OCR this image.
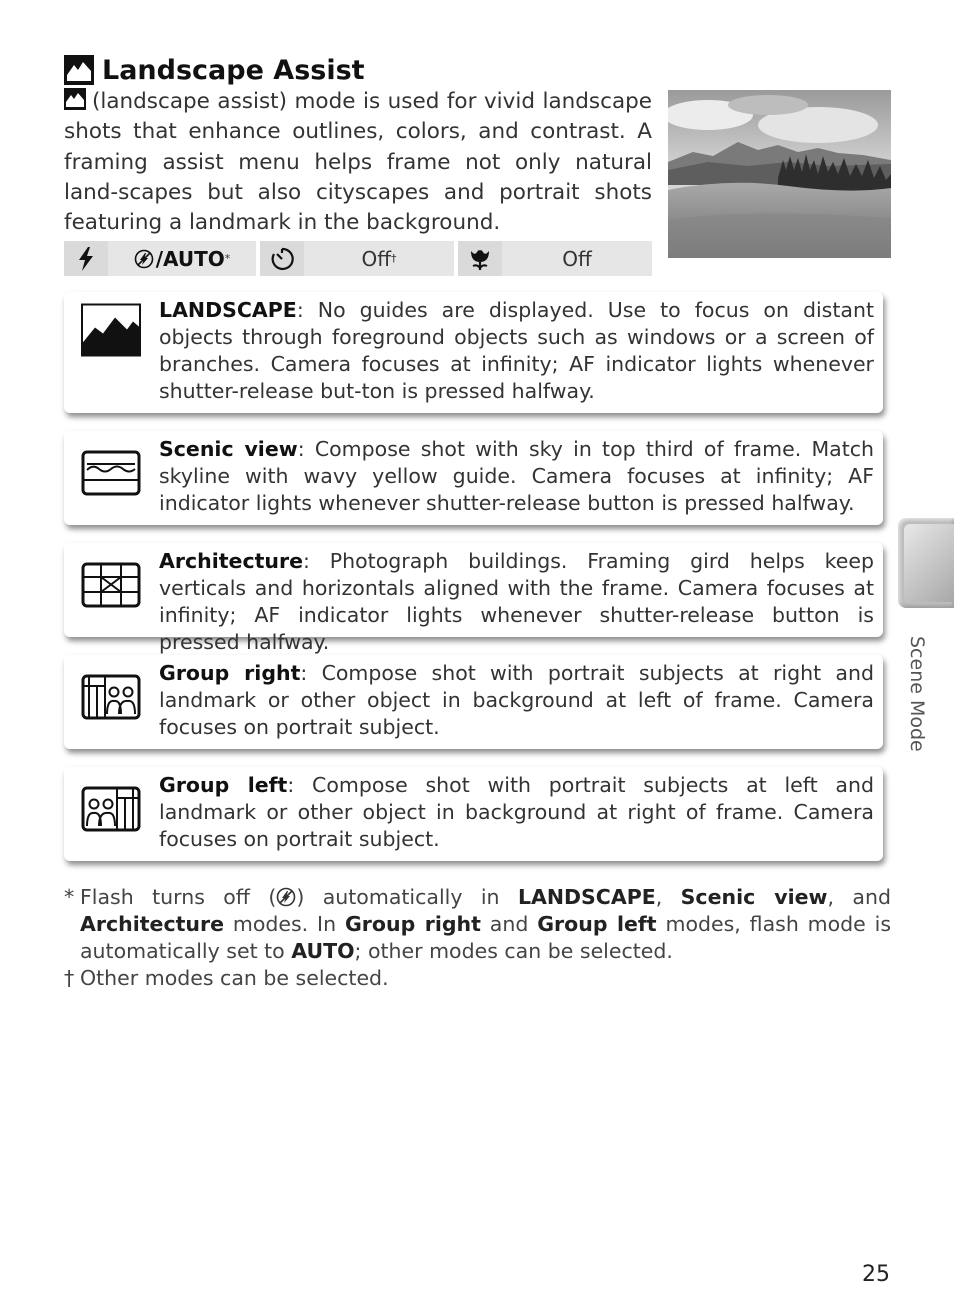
Landscape Assist
(landscape assist) mode is used for vivid landscape shots that enhance outlines, colors, and contrast. A framing assist menu helps frame not only natural land-scapes but also cityscapes and portrait shots featuring a landmark in the background.
/AUTO *	Off †	Off
LANDSCAPE: No guides are displayed. Use to focus on distant objects through foreground objects such as windows or a screen of branches. Camera focuses at infinity; AF indicator lights whenever shutter-release but-ton is pressed halfway.
Scenic view: Compose shot with sky in top third of frame. Match skyline with wavy yellow guide. Camera focuses at infinity; AF indicator lights whenever shutter-release button is pressed halfway.
Architecture: Photograph buildings. Framing gird helps keep verticals and horizontals aligned with the frame. Camera focuses at infinity; AF indicator lights whenever shutter-release button is pressed halfway.
Group right: Compose shot with portrait subjects at right and landmark or other object in background at left of frame. Camera focuses on portrait subject.
Group left: Compose shot with portrait subjects at left and landmark or other object in background at right of frame. Camera focuses on portrait subject.
* Flash turns off ( ) automatically in LANDSCAPE, Scenic view, and Architecture modes. In Group right and Group left modes, flash mode is automatically set to AUTO; other modes can be selected.
† Other modes can be selected.
Scene Mode
25
